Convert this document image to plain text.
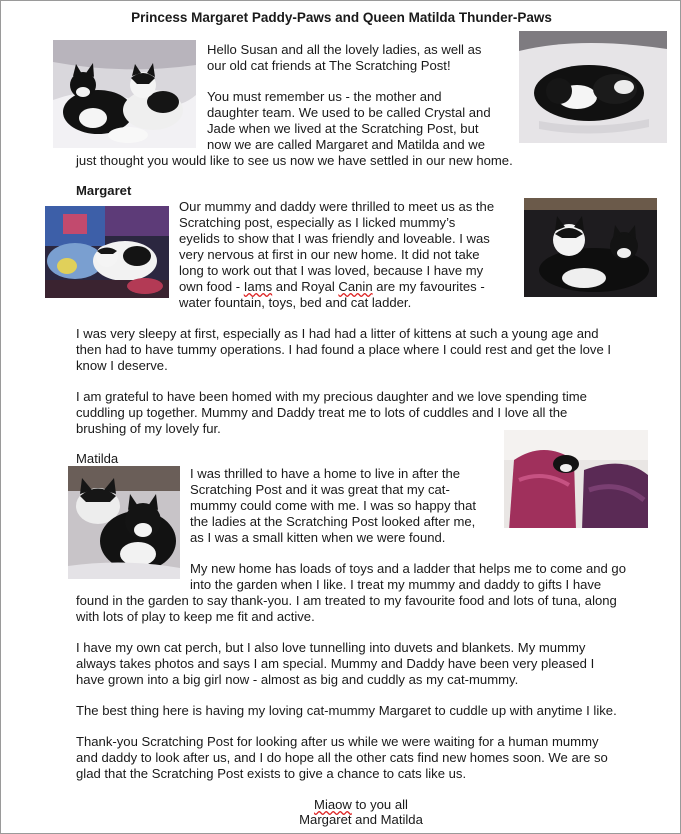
Princess Margaret Paddy-Paws and Queen Matilda Thunder-Paws

Hello Susan and all the lovely ladies, as well as

our old cat friends at The Scratching Post!

You must remember us - the mother and

daughter team. We used to be called Crystal and

Jade when we lived at the Scratching Post, but

now we are called Margaret and Matilda and we

just thought you would like to see us now we have settled in our new home.

Margaret

Our mummy and daddy were thrilled to meet us as the

Scratching post, especially as I licked mummy’s

eyelids to show that I was friendly and loveable. I was

very nervous at first in our new home. It did not take

long to work out that I was loved, because I have my

own food - Iams and Royal Canin are my favourites -

water fountain, toys, bed and cat ladder.

I was very sleepy at first, especially as I had had a litter of kittens at such a young age and

then had to have tummy operations. I had found a place where I could rest and get the love I

know I deserve.

I am grateful to have been homed with my precious daughter and we love spending time

cuddling up together. Mummy and Daddy treat me to lots of cuddles and I love all the

brushing of my lovely fur.

Matilda

I was thrilled to have a home to live in after the

Scratching Post and it was great that my cat-

mummy could come with me. I was so happy that

the ladies at the Scratching Post looked after me,

as I was a small kitten when we were found.

My new home has loads of toys and a ladder that helps me to come and go

into the garden when I like. I treat my mummy and daddy to gifts I have

found in the garden to say thank-you. I am treated to my favourite food and lots of tuna, along

with lots of play to keep me fit and active.

I have my own cat perch, but I also love tunnelling into duvets and blankets. My mummy

always takes photos and says I am special. Mummy and Daddy have been very pleased I

have grown into a big girl now - almost as big and cuddly as my cat-mummy.

The best thing here is having my loving cat-mummy Margaret to cuddle up with anytime I like.

Thank-you Scratching Post for looking after us while we were waiting for a human mummy

and daddy to look after us, and I do hope all the other cats find new homes soon. We are so

glad that the Scratching Post exists to give a chance to cats like us.

Miaow to you all

Margaret and Matilda
